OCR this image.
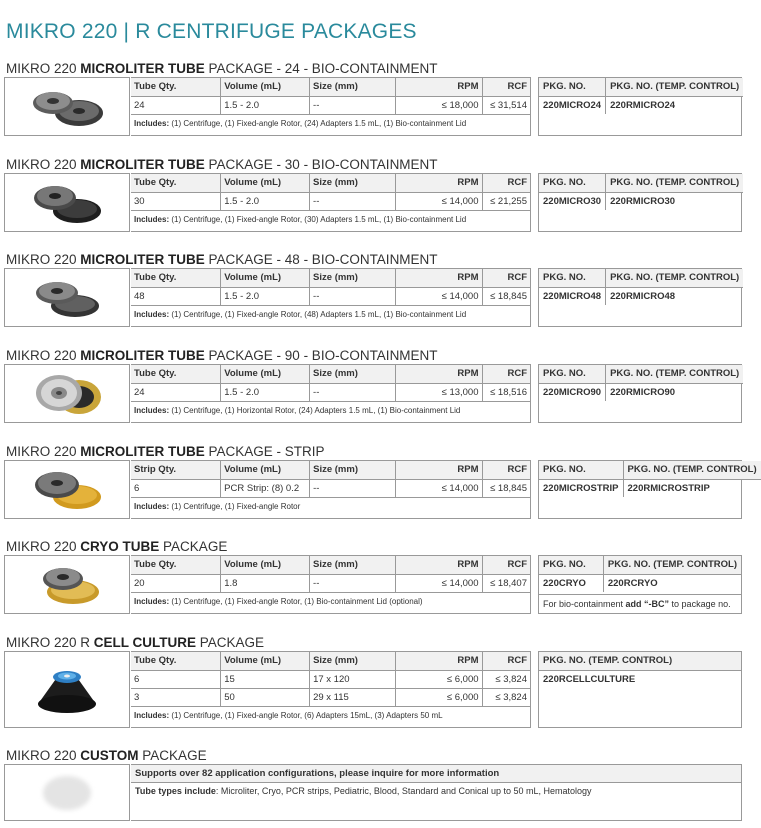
MIKRO 220 | R CENTRIFUGE PACKAGES
MIKRO 220 MICROLITER TUBE PACKAGE - 24 - BIO-CONTAINMENT
Tube Qty.	Volume (mL)	Size (mm)	RPM	RCF
24	1.5 - 2.0	--	≤ 18,000	≤ 31,514
Includes: (1) Centrifuge, (1) Fixed-angle Rotor, (24) Adapters 1.5 mL, (1) Bio-containment Lid
PKG. NO.	PKG. NO. (TEMP. CONTROL)
220MICRO24	220RMICRO24
MIKRO 220 MICROLITER TUBE PACKAGE - 30 - BIO-CONTAINMENT
Tube Qty.	Volume (mL)	Size (mm)	RPM	RCF
30	1.5 - 2.0	--	≤ 14,000	≤ 21,255
Includes: (1) Centrifuge, (1) Fixed-angle Rotor, (30) Adapters 1.5 mL, (1) Bio-containment Lid
PKG. NO.	PKG. NO. (TEMP. CONTROL)
220MICRO30	220RMICRO30
MIKRO 220 MICROLITER TUBE PACKAGE - 48 - BIO-CONTAINMENT
Tube Qty.	Volume (mL)	Size (mm)	RPM	RCF
48	1.5 - 2.0	--	≤ 14,000	≤ 18,845
Includes: (1) Centrifuge, (1) Fixed-angle Rotor, (48) Adapters 1.5 mL, (1) Bio-containment Lid
PKG. NO.	PKG. NO. (TEMP. CONTROL)
220MICRO48	220RMICRO48
MIKRO 220 MICROLITER TUBE PACKAGE - 90 - BIO-CONTAINMENT
Tube Qty.	Volume (mL)	Size (mm)	RPM	RCF
24	1.5 - 2.0	--	≤ 13,000	≤ 18,516
Includes: (1) Centrifuge, (1) Horizontal Rotor, (24) Adapters 1.5 mL, (1) Bio-containment Lid
PKG. NO.	PKG. NO. (TEMP. CONTROL)
220MICRO90	220RMICRO90
MIKRO 220 MICROLITER TUBE PACKAGE - STRIP
Strip Qty.	Volume (mL)	Size (mm)	RPM	RCF
6	PCR Strip: (8) 0.2	--	≤ 14,000	≤ 18,845
Includes: (1) Centrifuge, (1) Fixed-angle Rotor
PKG. NO.	PKG. NO. (TEMP. CONTROL)
220MICROSTRIP	220RMICROSTRIP
MIKRO 220 CRYO TUBE PACKAGE
Tube Qty.	Volume (mL)	Size (mm)	RPM	RCF
20	1.8	--	≤ 14,000	≤ 18,407
Includes: (1) Centrifuge, (1) Fixed-angle Rotor, (1) Bio-containment Lid (optional)
PKG. NO.	PKG. NO. (TEMP. CONTROL)
220CRYO	220RCRYO
For bio-containment add “-BC” to package no.
MIKRO 220 R CELL CULTURE PACKAGE
Tube Qty.	Volume (mL)	Size (mm)	RPM	RCF
6	15	17 x 120	≤ 6,000	≤ 3,824
3	50	29 x 115	≤ 6,000	≤ 3,824
Includes: (1) Centrifuge, (1) Fixed-angle Rotor, (6) Adapters 15mL, (3) Adapters 50 mL
PKG. NO. (TEMP. CONTROL)
220RCELLCULTURE
MIKRO 220 CUSTOM PACKAGE
Supports over 82 application configurations, please inquire for more information
Tube types include: Microliter, Cryo, PCR strips, Pediatric, Blood, Standard and Conical up to 50 mL, Hematology
